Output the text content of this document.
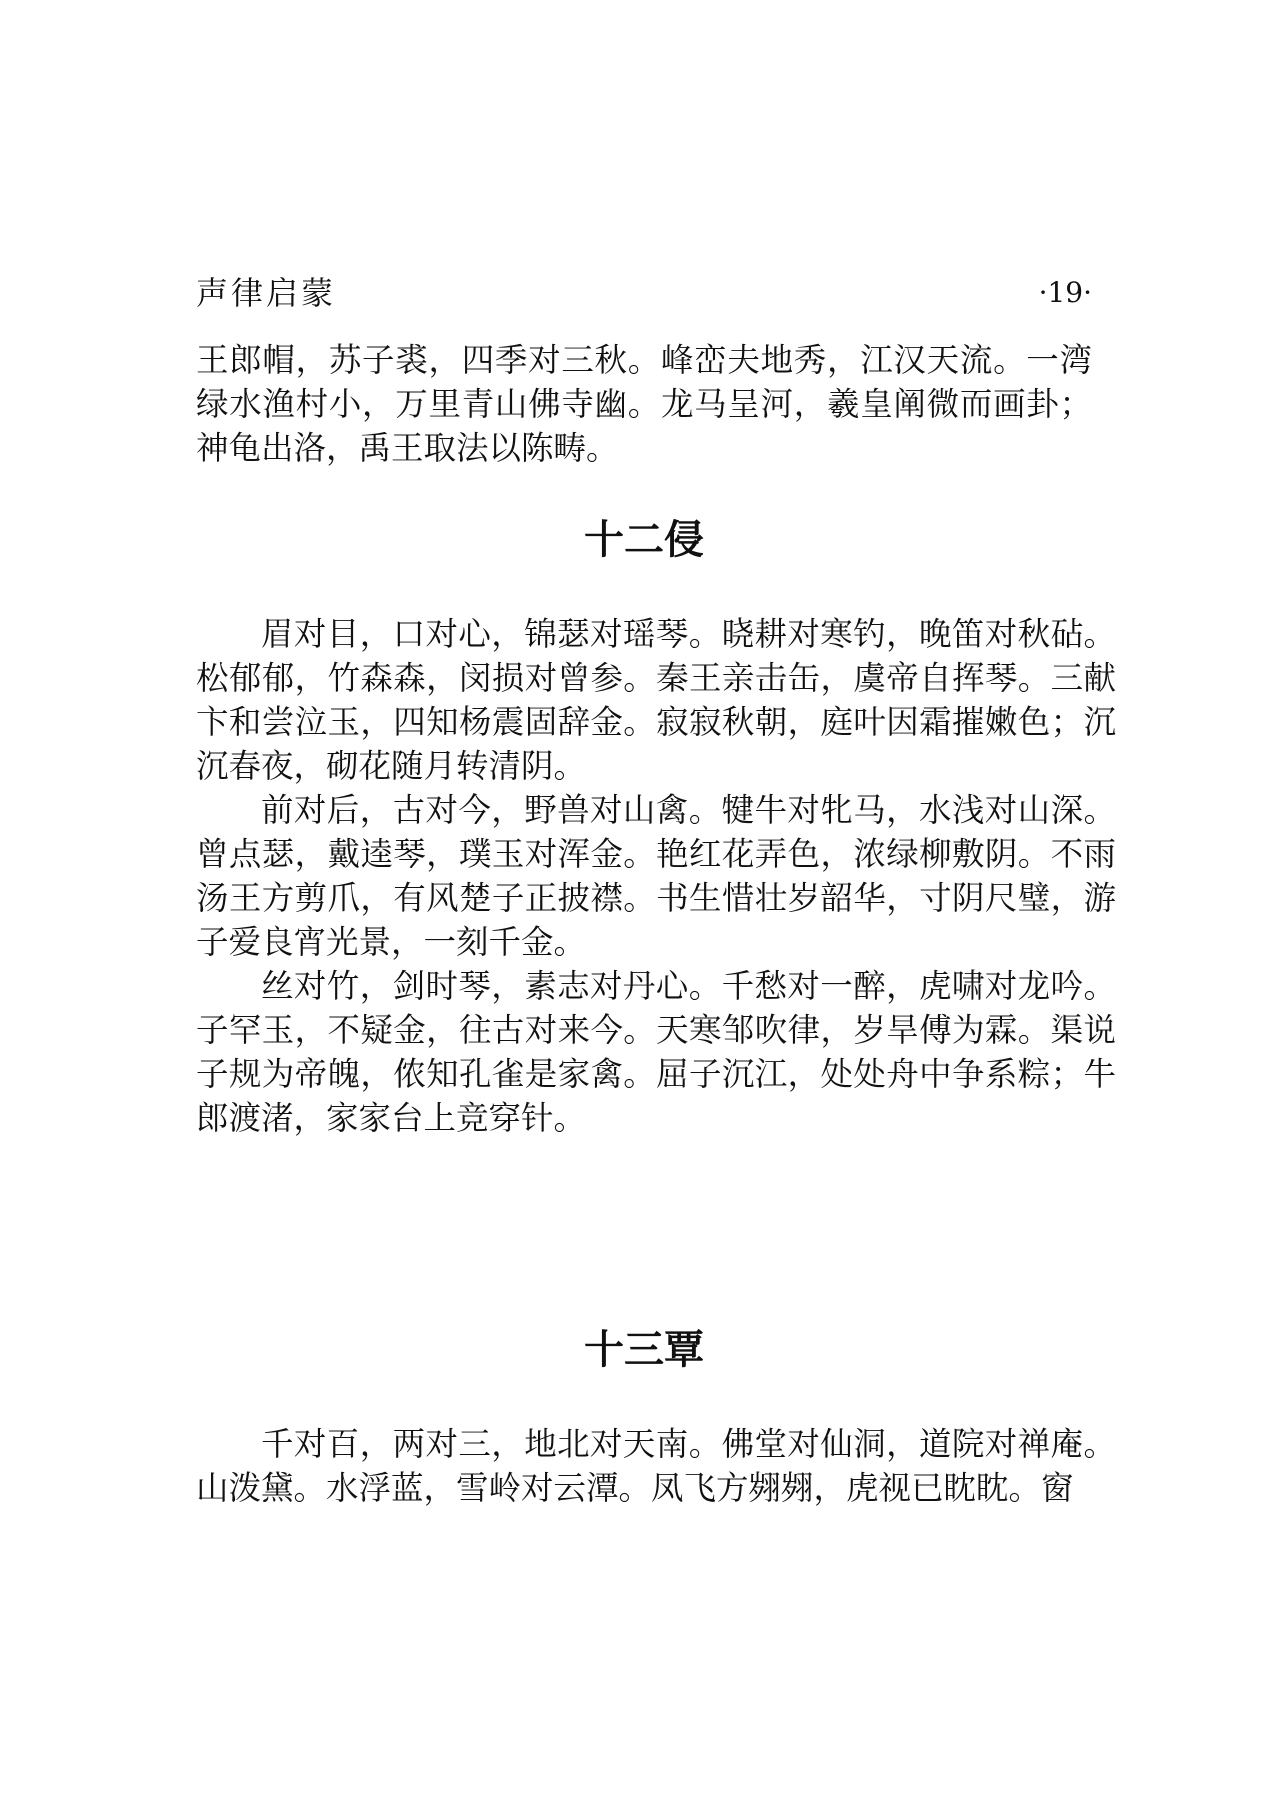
声律启蒙	·19·

王郎帽，苏子裘，四季对三秋。峰峦夫地秀，江汉天流。一湾绿水渔村小，万里青山佛寺幽。龙马呈河，羲皇阐微而画卦；神龟出洛，禹王取法以陈畴。

十二侵

眉对目，口对心，锦瑟对瑶琴。晓耕对寒钓，晚笛对秋砧。松郁郁，竹森森，闵损对曾参。秦王亲击缶，虞帝自挥琴。三献卞和尝泣玉，四知杨震固辞金。寂寂秋朝，庭叶因霜摧嫩色；沉沉春夜，砌花随月转清阴。

前对后，古对今，野兽对山禽。犍牛对牝马，水浅对山深。曾点瑟，戴逵琴，璞玉对浑金。艳红花弄色，浓绿柳敷阴。不雨汤王方剪爪，有风楚子正披襟。书生惜壮岁韶华，寸阴尺璧，游子爱良宵光景，一刻千金。

丝对竹，剑时琴，素志对丹心。千愁对一醉，虎啸对龙吟。子罕玉，不疑金，往古对来今。天寒邹吹律，岁旱傅为霖。渠说子规为帝魄，侬知孔雀是家禽。屈子沉江，处处舟中争系粽；牛郎渡渚，家家台上竞穿针。

十三覃

千对百，两对三，地北对天南。佛堂对仙洞，道院对禅庵。山泼黛。水浮蓝，雪岭对云潭。凤飞方翙翙，虎视已眈眈。窗
